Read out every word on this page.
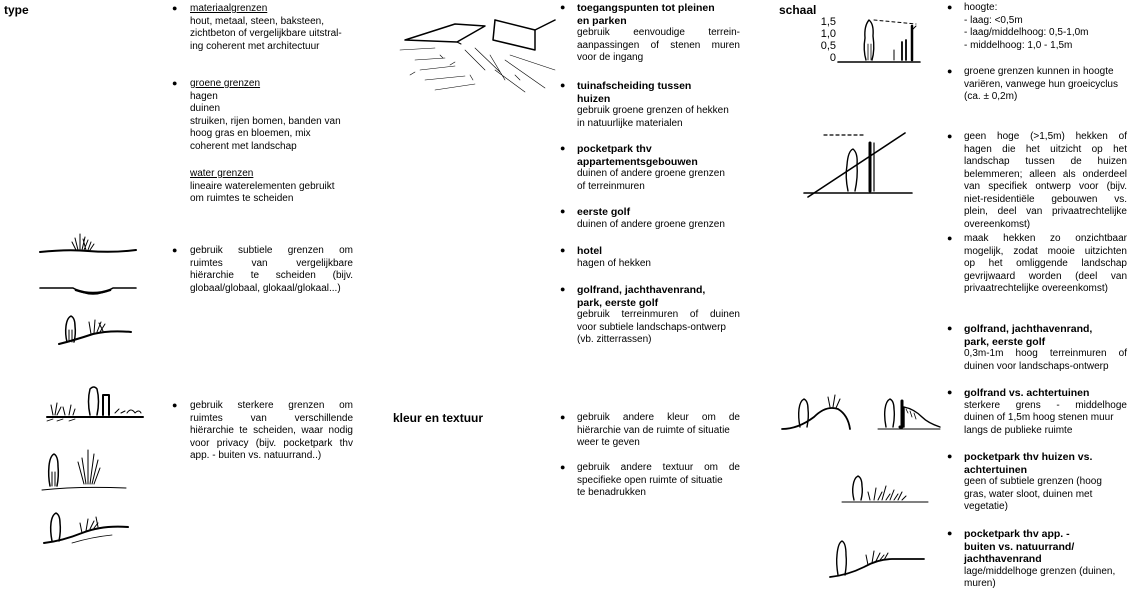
type
kleur en textuur
schaal
● materiaalgrenzen
hout, metaal, steen, baksteen,
zichtbeton of vergelijkbare uitstral-
ing coherent met architectuur
● groene grenzen
hagen
duinen
struiken, rijen bomen, banden van
hoog gras en bloemen, mix
coherent met landschap
water grenzen
lineaire waterelementen gebruikt
om ruimtes te scheiden
● gebruik subtiele grenzen om
ruimtes van vergelijkbare
hiërarchie te scheiden (bijv.
globaal/globaal, glokaal/glokaal...)
● gebruik sterkere grenzen om
ruimtes van verschillende
hiërarchie te scheiden, waar nodig
voor privacy (bijv. pocketpark thv
app. - buiten vs. natuurrand..)
● toegangspunten tot pleinen
en parken
gebruik eenvoudige terrein-
aanpassingen of stenen muren
voor de ingang
● tuinafscheiding tussen
huizen
gebruik groene grenzen of hekken
in natuurlijke materialen
● pocketpark thv
appartementsgebouwen
duinen of andere groene grenzen
of terreinmuren
● eerste golf
duinen of andere groene grenzen
● hotel
hagen of hekken
● golfrand, jachthavenrand,
park, eerste golf
gebruik terreinmuren of duinen
voor subtiele landschaps-ontwerp
(vb. zitterrassen)
● gebruik andere kleur om de
hiërarchie van de ruimte of situatie
weer te geven
● gebruik andere textuur om de
specifieke open ruimte of situatie
te benadrukken
1,5
1,0
0,5
0
● hoogte:
- laag: <0,5m
- laag/middelhoog: 0,5-1,0m
- middelhoog: 1,0 - 1,5m
● groene grenzen kunnen in hoogte
variëren, vanwege hun groeicyclus
(ca. ± 0,2m)
● geen hoge (>1,5m) hekken of
hagen die het uitzicht op het
landschap tussen de huizen
belemmeren; alleen als onderdeel
van specifiek ontwerp voor (bijv.
niet-residentiële gebouwen vs.
plein, deel van privaatrechtelijke
overeenkomst)
● maak hekken zo onzichtbaar
mogelijk, zodat mooie uitzichten
op het omliggende landschap
gevrijwaard worden (deel van
privaatrechtelijke overeenkomst)
● golfrand, jachthavenrand,
park, eerste golf
0,3m-1m hoog terreinmuren of
duinen voor landschaps-ontwerp
● golfrand vs. achtertuinen
sterkere grens - middelhoge
duinen of 1,5m hoog stenen muur
langs de publieke ruimte
● pocketpark thv huizen vs.
achtertuinen
geen of subtiele grenzen (hoog
gras, water sloot, duinen met
vegetatie)
● pocketpark thv app. -
buiten vs. natuurrand/
jachthavenrand
lage/middelhoge grenzen (duinen,
muren)
